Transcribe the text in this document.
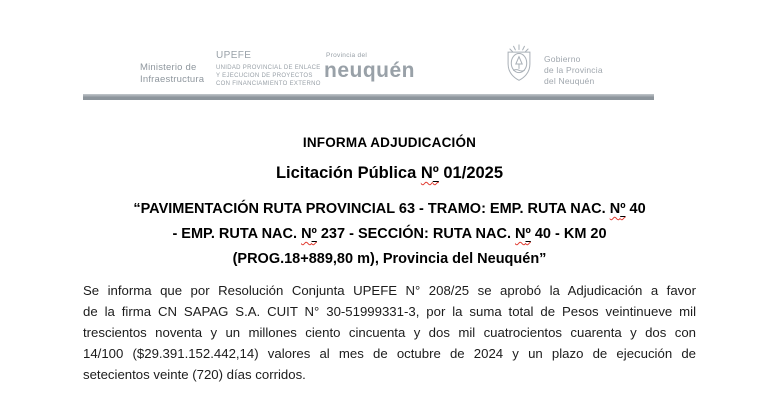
Ministerio de
Infraestructura
UPEFE
UNIDAD PROVINCIAL DE ENLACE
Y EJECUCION DE PROYECTOS
CON FINANCIAMIENTO EXTERNO
Provincia del
neuquén	Gobierno
de la Provincia
del Neuquén
INFORMA ADJUDICACIÓN
Licitación Pública Nº 01/2025
“PAVIMENTACIÓN RUTA PROVINCIAL 63 - TRAMO: EMP. RUTA NAC. Nº 40
- EMP. RUTA NAC. Nº 237 - SECCIÓN: RUTA NAC. Nº 40 - KM 20
(PROG.18+889,80 m), Provincia del Neuquén”
Se informa que por Resolución Conjunta UPEFE N° 208/25 se aprobó la Adjudicación a favor
de la firma CN SAPAG S.A. CUIT N° 30-51999331-3, por la suma total de Pesos veintinueve mil
trescientos noventa y un millones ciento cincuenta y dos mil cuatrocientos cuarenta y dos con
14/100 ($29.391.152.442,14) valores al mes de octubre de 2024 y un plazo de ejecución de
setecientos veinte (720) días corridos.
